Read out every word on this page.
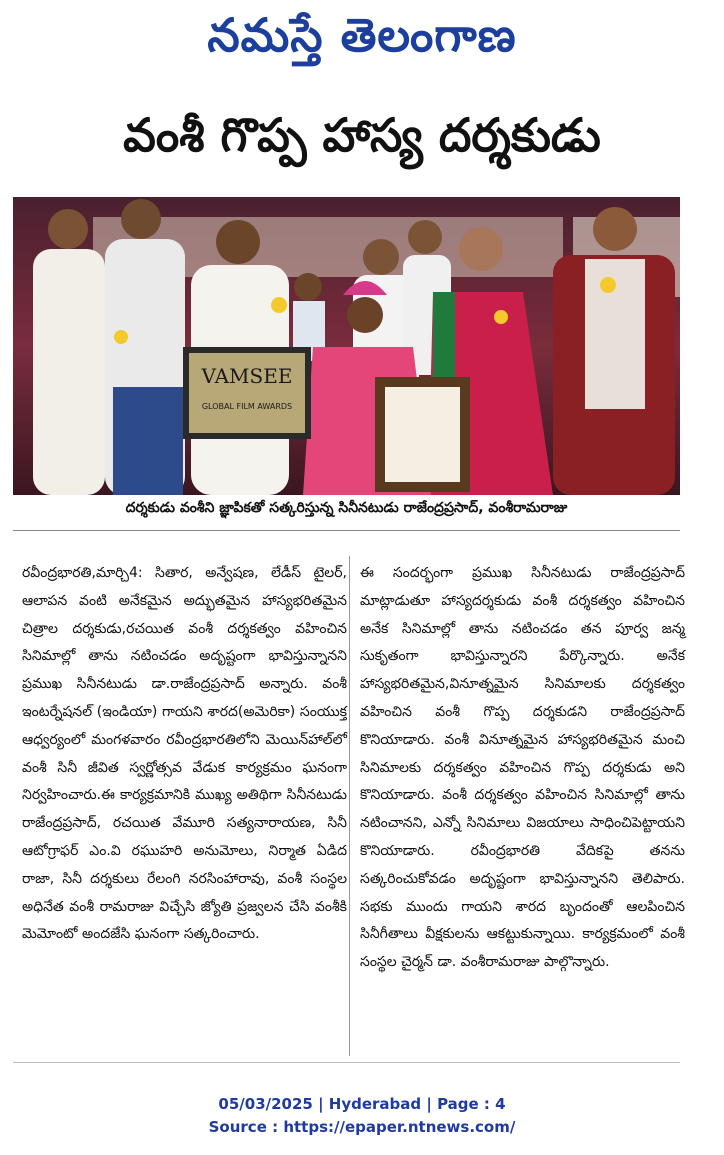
నమస్తే తెలంగాణ
వంశీ గొప్ప హాస్య దర్శకుడు
VAMSEE
GLOBAL FILM AWARDS
దర్శకుడు వంశీని జ్ఞాపికతో సత్కరిస్తున్న సినీనటుడు రాజేంద్రప్రసాద్, వంశీరామరాజు
రవీంద్రభారతి,మార్చి4: సితార, అన్వేషణ, లేడీస్ టైలర్, ఆలాపన వంటి అనేకమైన అద్భుతమైన హాస్యభరితమైన చిత్రాల దర్శకుడు,రచయిత వంశీ దర్శకత్వం వహించిన సినిమాల్లో తాను నటించడం అదృష్టంగా భావిస్తున్నానని ప్రముఖ సినీనటుడు డా.రాజేంద్రప్రసాద్ అన్నారు. వంశీ ఇంటర్నేషనల్ (ఇండియా) గాయని శారద(అమెరికా) సంయుక్త ఆధ్వర్యంలో మంగళవారం రవీంద్రభారతిలోని మెయిన్‌హాల్‌లో వంశీ సినీ జీవిత స్వర్ణోత్సవ వేడుక కార్యక్రమం ఘనంగా నిర్వహించారు.ఈ కార్యక్రమానికి ముఖ్య అతిథిగా సినీనటుడు రాజేంద్రప్రసాద్, రచయిత వేమూరి సత్యనారాయణ, సినీ ఆటోగ్రాఫర్ ఎం.వి రఘుహరి అనుమోలు, నిర్మాత ఏడిద రాజా, సినీ దర్శకులు రేలంగి నరసింహారావు, వంశీ సంస్థల అధినేత వంశీ రామరాజు విచ్చేసి జ్యోతి ప్రజ్వలన చేసి వంశీకి మెమోంటో అందజేసి ఘనంగా సత్కరించారు.
ఈ సందర్భంగా ప్రముఖ సినీనటుడు రాజేంద్రప్రసాద్ మాట్లాడుతూ హాస్యదర్శకుడు వంశీ దర్శకత్వం వహించిన అనేక సినిమాల్లో తాను నటించడం తన పూర్వ జన్మ సుకృతంగా భావిస్తున్నారని పేర్కొన్నారు. అనేక హాస్యభరితమైన,వినూత్నమైన సినిమాలకు దర్శకత్వం వహించిన వంశీ గొప్ప దర్శకుడని రాజేంద్రప్రసాద్ కొనియాడారు. వంశీ వినూత్నమైన హాస్యభరితమైన మంచి సినిమాలకు దర్శకత్వం వహించిన గొప్ప దర్శకుడు అని కొనియాడారు. వంశీ దర్శకత్వం వహించిన సినిమాల్లో తాను నటించానని, ఎన్నో సినిమాలు విజయాలు సాధించిపెట్టాయని కొనియాడారు. రవీంద్రభారతి వేదికపై తనను సత్కరించుకోవడం అదృష్టంగా భావిస్తున్నానని తెలిపారు. సభకు ముందు గాయని శారద బృందంతో ఆలపించిన సినీగీతాలు వీక్షకులను ఆకట్టుకున్నాయి. కార్యక్రమంలో వంశీ సంస్థల చైర్మన్ డా. వంశీరామరాజు పాల్గొన్నారు.
05/03/2025 | Hyderabad | Page : 4
Source : https://epaper.ntnews.com/
